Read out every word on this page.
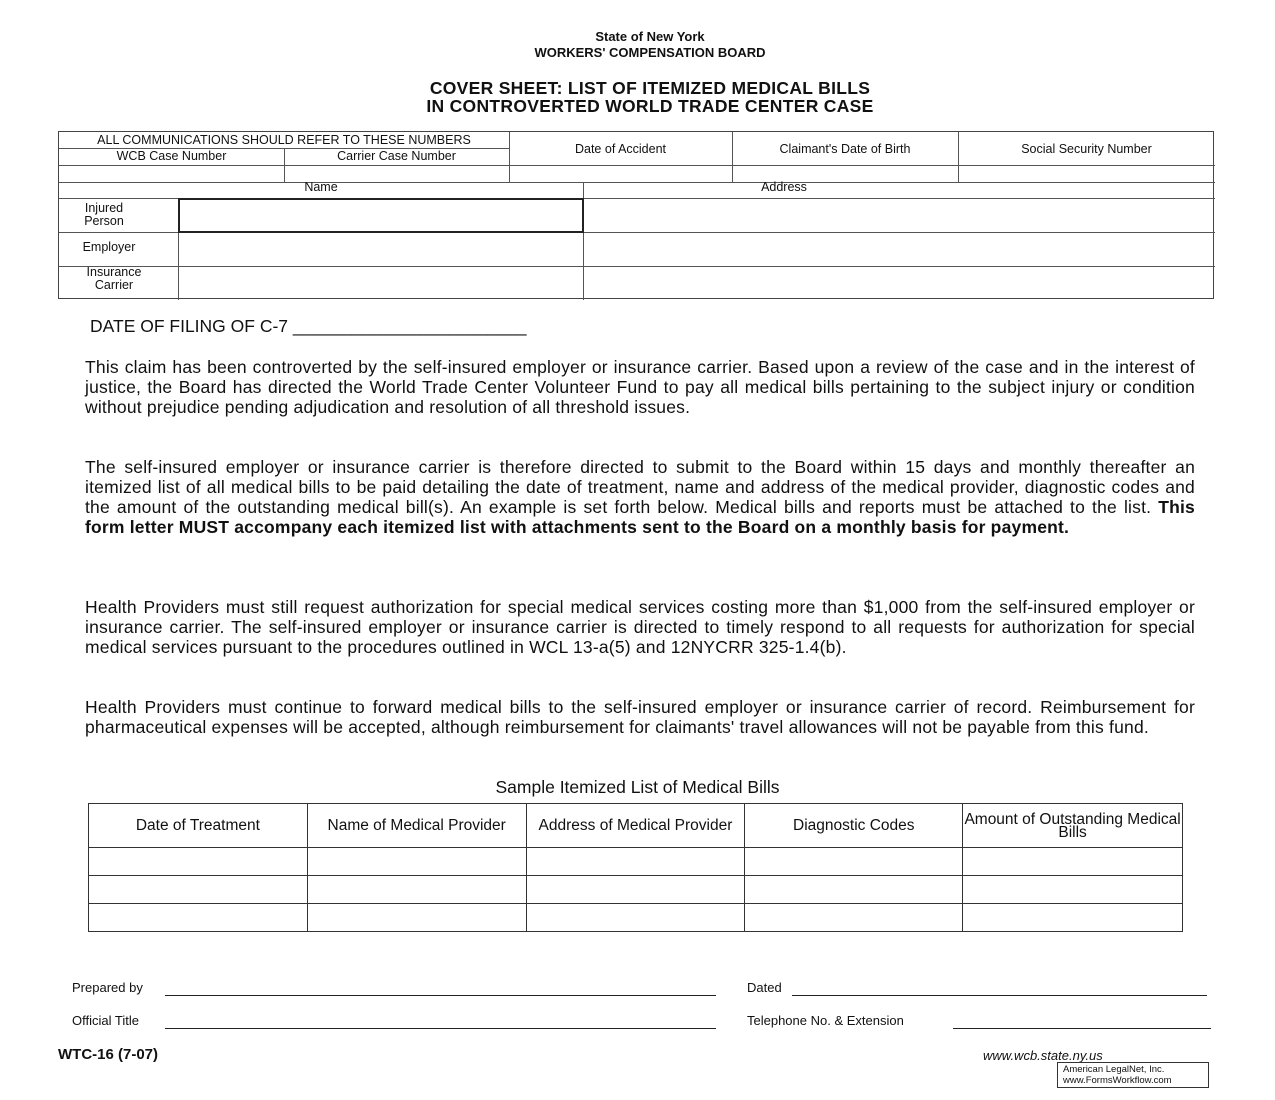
State of New York
WORKERS' COMPENSATION BOARD
COVER SHEET: LIST OF ITEMIZED MEDICAL BILLS
IN CONTROVERTED WORLD TRADE CENTER CASE
ALL COMMUNICATIONS SHOULD REFER TO THESE NUMBERS
WCB Case Number	Carrier Case Number	Date of Accident	Claimant's Date of Birth	Social Security Number
Name	Address
Injured
Person
Employer
Insurance
Carrier
DATE OF FILING OF C-7 ________________________
This claim has been controverted by the self-insured employer or insurance carrier. Based upon a review of the case and in the interest of justice, the Board has directed the World Trade Center Volunteer Fund to pay all medical bills pertaining to the subject injury or condition without prejudice pending adjudication and resolution of all threshold issues.
The self-insured employer or insurance carrier is therefore directed to submit to the Board within 15 days and monthly thereafter an itemized list of all medical bills to be paid detailing the date of treatment, name and address of the medical provider, diagnostic codes and the amount of the outstanding medical bill(s). An example is set forth below. Medical bills and reports must be attached to the list. This form letter MUST accompany each itemized list with attachments sent to the Board on a monthly basis for payment.
Health Providers must still request authorization for special medical services costing more than $1,000 from the self-insured employer or insurance carrier. The self-insured employer or insurance carrier is directed to timely respond to all requests for authorization for special medical services pursuant to the procedures outlined in WCL 13-a(5) and 12NYCRR 325-1.4(b).
Health Providers must continue to forward medical bills to the self-insured employer or insurance carrier of record. Reimbursement for pharmaceutical expenses will be accepted, although reimbursement for claimants' travel allowances will not be payable from this fund.
Sample Itemized List of Medical Bills
Date of Treatment	Name of Medical Provider	Address of Medical Provider	Diagnostic Codes	Amount of Outstanding Medical Bills

Prepared by	Dated
Official Title	Telephone No. & Extension
WTC-16 (7-07)	www.wcb.state.ny.us
American LegalNet, Inc.
www.FormsWorkflow.com
